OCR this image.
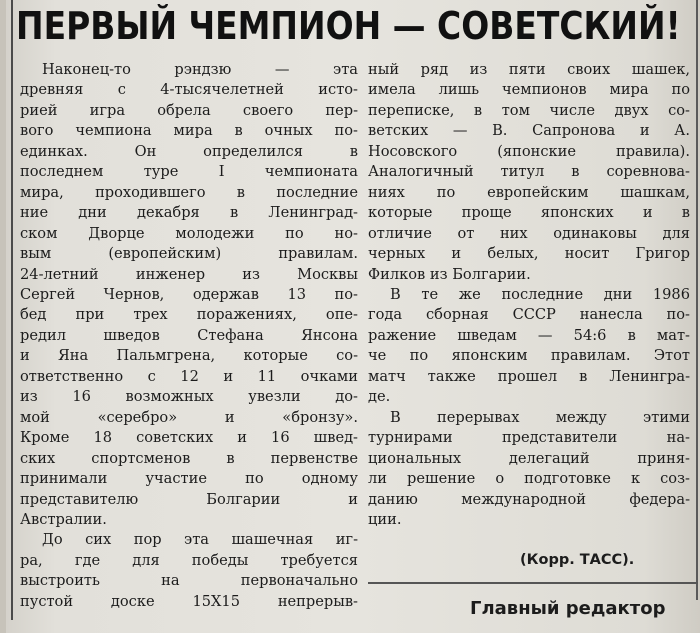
ПЕРВЫЙ ЧЕМПИОН — СОВЕТСКИЙ!
Наконец-то рэндзю — эта
древняя с 4-тысячелетней исто-
рией игра обрела своего пер-
вого чемпиона мира в очных по-
единках. Он определился в
последнем туре I чемпионата
мира, проходившего в последние
ние дни декабря в Ленинград-
ском Дворце молодежи по но-
вым (европейским) правилам.
24-летний инженер из Москвы
Сергей Чернов, одержав 13 по-
бед при трех поражениях, опе-
редил шведов Стефана Янсона
и Яна Пальмгрена, которые со-
ответственно с 12 и 11 очками
из 16 возможных увезли до-
мой «серебро» и «бронзу».
Кроме 18 советских и 16 швед-
ских спортсменов в первенстве
принимали участие по одному
представителю Болгарии и
Австралии.
До сих пор эта шашечная иг-
ра, где для победы требуется
выстроить на первоначально
пустой доске 15Х15 непрерыв-
ный ряд из пяти своих шашек,
имела лишь чемпионов мира по
переписке, в том числе двух со-
ветских — В. Сапронова и А.
Носовского (японские правила).
Аналогичный титул в соревнова-
ниях по европейским шашкам,
которые проще японских и в
отличие от них одинаковы для
черных и белых, носит Григор
Филков из Болгарии.
В те же последние дни 1986
года сборная СССР нанесла по-
ражение шведам — 54:6 в мат-
че по японским правилам. Этот
матч также прошел в Ленингра-
де.
В перерывах между этими
турнирами представители на-
циональных делегаций приня-
ли решение о подготовке к соз-
данию международной федера-
ции.
(Корр. ТАСС).
Главный редактор
